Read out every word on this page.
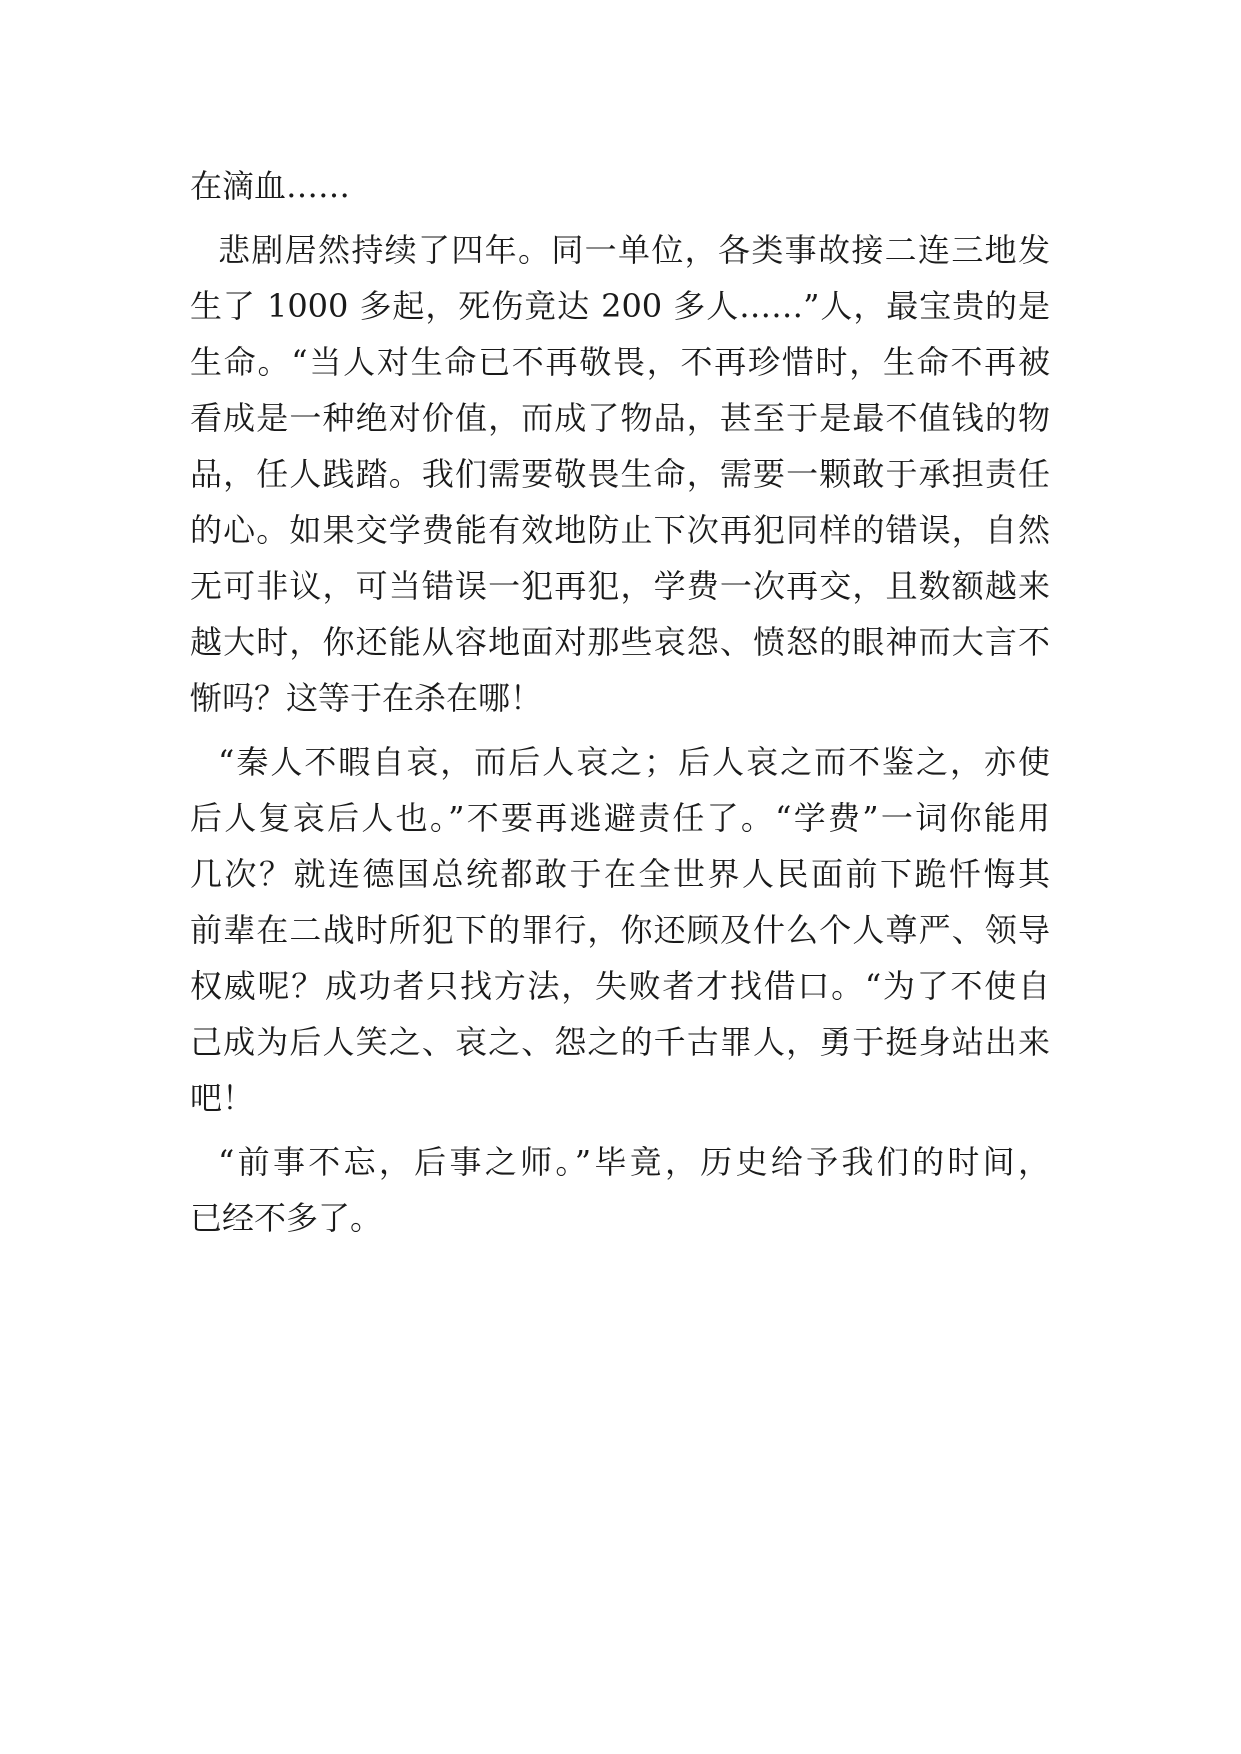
在滴血……
悲剧居然持续了四年。同一单位，各类事故接二连三地发
生了 1000 多起，死伤竟达 200 多人……”人，最宝贵的是
生命。“当人对生命已不再敬畏，不再珍惜时，生命不再被
看成是一种绝对价值，而成了物品，甚至于是最不值钱的物
品，任人践踏。我们需要敬畏生命，需要一颗敢于承担责任
的心。如果交学费能有效地防止下次再犯同样的错误，自然
无可非议，可当错误一犯再犯，学费一次再交，且数额越来
越大时，你还能从容地面对那些哀怨、愤怒的眼神而大言不
惭吗？这等于在杀在哪！
“秦人不暇自哀，而后人哀之；后人哀之而不鉴之，亦使
后人复哀后人也。”不要再逃避责任了。“学费”一词你能用
几次？就连德国总统都敢于在全世界人民面前下跪忏悔其
前辈在二战时所犯下的罪行，你还顾及什么个人尊严、领导
权威呢？成功者只找方法，失败者才找借口。“为了不使自
己成为后人笑之、哀之、怨之的千古罪人，勇于挺身站出来
吧！
“前事不忘，后事之师。”毕竟，历史给予我们的时间，
已经不多了。
